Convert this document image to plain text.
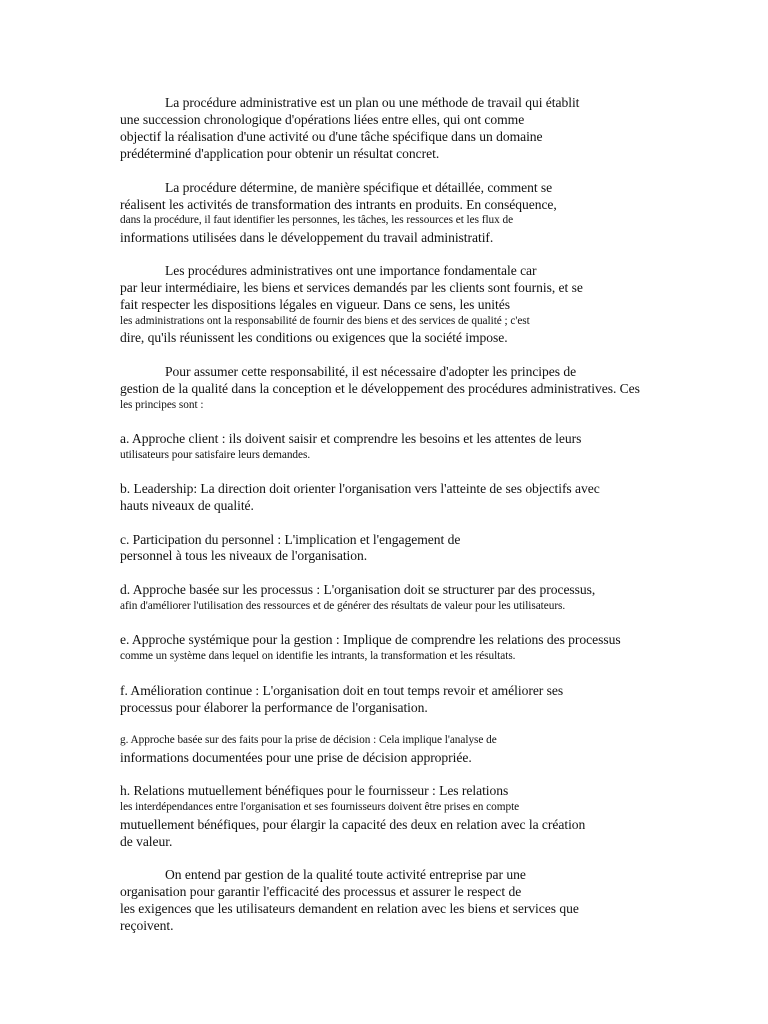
La procédure administrative est un plan ou une méthode de travail qui établit
une succession chronologique d'opérations liées entre elles, qui ont comme
objectif la réalisation d'une activité ou d'une tâche spécifique dans un domaine
prédéterminé d'application pour obtenir un résultat concret.
La procédure détermine, de manière spécifique et détaillée, comment se
réalisent les activités de transformation des intrants en produits. En conséquence,
dans la procédure, il faut identifier les personnes, les tâches, les ressources et les flux de
informations utilisées dans le développement du travail administratif.
Les procédures administratives ont une importance fondamentale car
par leur intermédiaire, les biens et services demandés par les clients sont fournis, et se
fait respecter les dispositions légales en vigueur. Dans ce sens, les unités
les administrations ont la responsabilité de fournir des biens et des services de qualité ; c'est
dire, qu'ils réunissent les conditions ou exigences que la société impose.
Pour assumer cette responsabilité, il est nécessaire d'adopter les principes de
gestion de la qualité dans la conception et le développement des procédures administratives. Ces
les principes sont :
a. Approche client : ils doivent saisir et comprendre les besoins et les attentes de leurs
utilisateurs pour satisfaire leurs demandes.
b. Leadership: La direction doit orienter l'organisation vers l'atteinte de ses objectifs avec
hauts niveaux de qualité.
c. Participation du personnel : L'implication et l'engagement de
personnel à tous les niveaux de l'organisation.
d. Approche basée sur les processus : L'organisation doit se structurer par des processus,
afin d'améliorer l'utilisation des ressources et de générer des résultats de valeur pour les utilisateurs.
e. Approche systémique pour la gestion : Implique de comprendre les relations des processus
comme un système dans lequel on identifie les intrants, la transformation et les résultats.
f. Amélioration continue : L'organisation doit en tout temps revoir et améliorer ses
processus pour élaborer la performance de l'organisation.
g. Approche basée sur des faits pour la prise de décision : Cela implique l'analyse de
informations documentées pour une prise de décision appropriée.
h. Relations mutuellement bénéfiques pour le fournisseur : Les relations
les interdépendances entre l'organisation et ses fournisseurs doivent être prises en compte
mutuellement bénéfiques, pour élargir la capacité des deux en relation avec la création
de valeur.
On entend par gestion de la qualité toute activité entreprise par une
organisation pour garantir l'efficacité des processus et assurer le respect de
les exigences que les utilisateurs demandent en relation avec les biens et services que
reçoivent.
